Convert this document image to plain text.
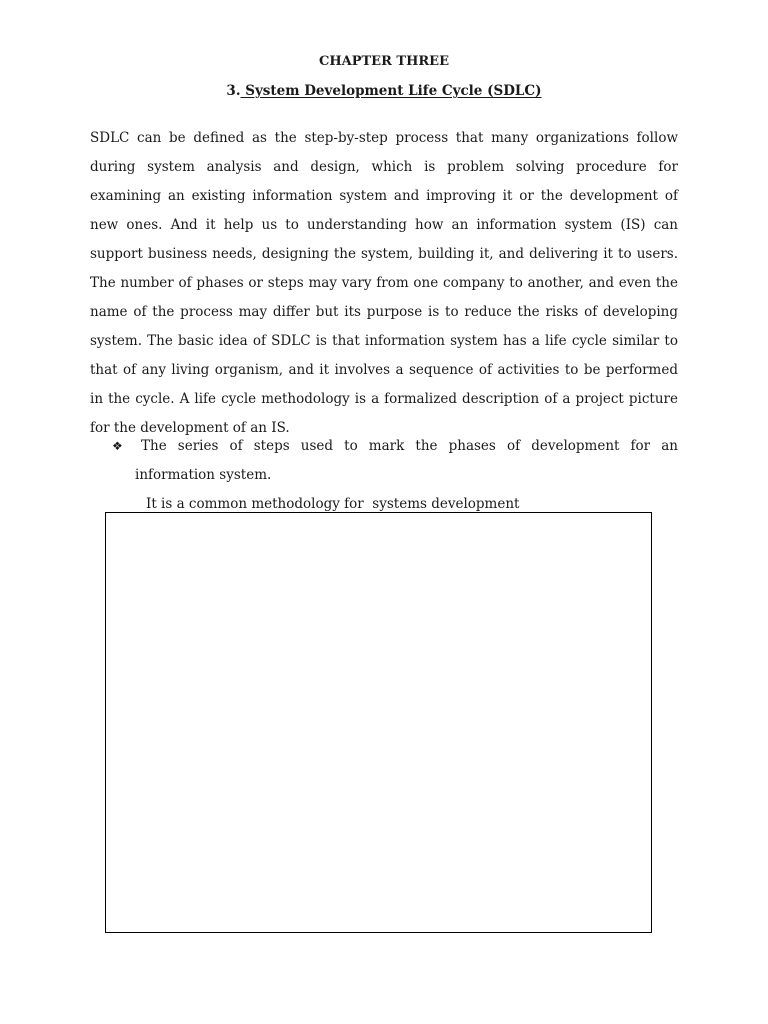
CHAPTER THREE
3. System Development Life Cycle (SDLC)

SDLC can be defined as the step-by-step process that many organizations follow during system analysis and design, which is problem solving procedure for examining an existing information system and improving it or the development of new ones. And it help us to understanding how an information system (IS) can support business needs, designing the system, building it, and delivering it to users. The number of phases or steps may vary from one company to another, and even the name of the process may differ but its purpose is to reduce the risks of developing system. The basic idea of SDLC is that information system has a life cycle similar to that of any living organism, and it involves a sequence of activities to be performed in the cycle. A life cycle methodology is a formalized description of a project picture for the development of an IS.

❖	The series of steps used to mark the phases of development for an information system.

It is a common methodology for  systems development
